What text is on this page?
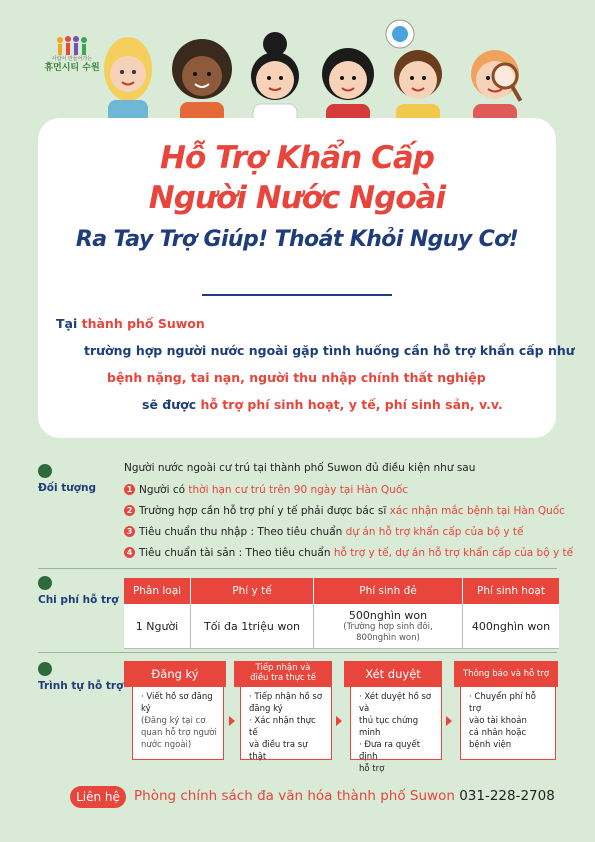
사람이 만들어가는
휴먼시티 수원
Hỗ Trợ Khẩn Cấp
Người Nước Ngoài
Ra Tay Trợ Giúp! Thoát Khỏi Nguy Cơ!
Tại thành phố Suwon
trường hợp người nước ngoài gặp tình huống cần hỗ trợ khẩn cấp như
bệnh nặng, tai nạn, người thu nhập chính thất nghiệp
sẽ được hỗ trợ phí sinh hoạt, y tế, phí sinh sản, v.v.
Đối tượng
Người nước ngoài cư trú tại thành phố Suwon đủ điều kiện như sau
1 Người có thời hạn cư trú trên 90 ngày tại Hàn Quốc
2 Trường hợp cần hỗ trợ phí y tế phải được bác sĩ xác nhận mắc bệnh tại Hàn Quốc
3 Tiêu chuẩn thu nhập : Theo tiêu chuẩn dự án hỗ trợ khẩn cấp của bộ y tế
4 Tiêu chuẩn tài sản : Theo tiêu chuẩn hỗ trợ y tế, dự án hỗ trợ khẩn cấp của bộ y tế
Chi phí hỗ trợ
Phân loại	Phí y tế	Phí sinh đẻ	Phí sinh hoạt
1 Người	Tối đa 1triệu won	500nghìn won
(Trường hợp sinh đôi,
800nghìn won)	400nghìn won
Trình tự hỗ trợ
· Viết hồ sơ đăng ký
(Đăng ký tại cơ
quan hỗ trợ người
nước ngoài)
Đăng ký
· Tiếp nhận hồ sơ
đăng ký
· Xác nhận thực tế
và điều tra sự thật
Tiếp nhận và
điều tra thực tế
· Xét duyệt hồ sơ và
thủ tục chứng minh
· Đưa ra quyết định
hỗ trợ
Xét duyệt
· Chuyển phí hỗ trợ
vào tài khoản
cá nhân hoặc
bệnh viện
Thông báo và hỗ trợ
Liên hệ	Phòng chính sách đa văn hóa thành phố Suwon 031-228-2708
